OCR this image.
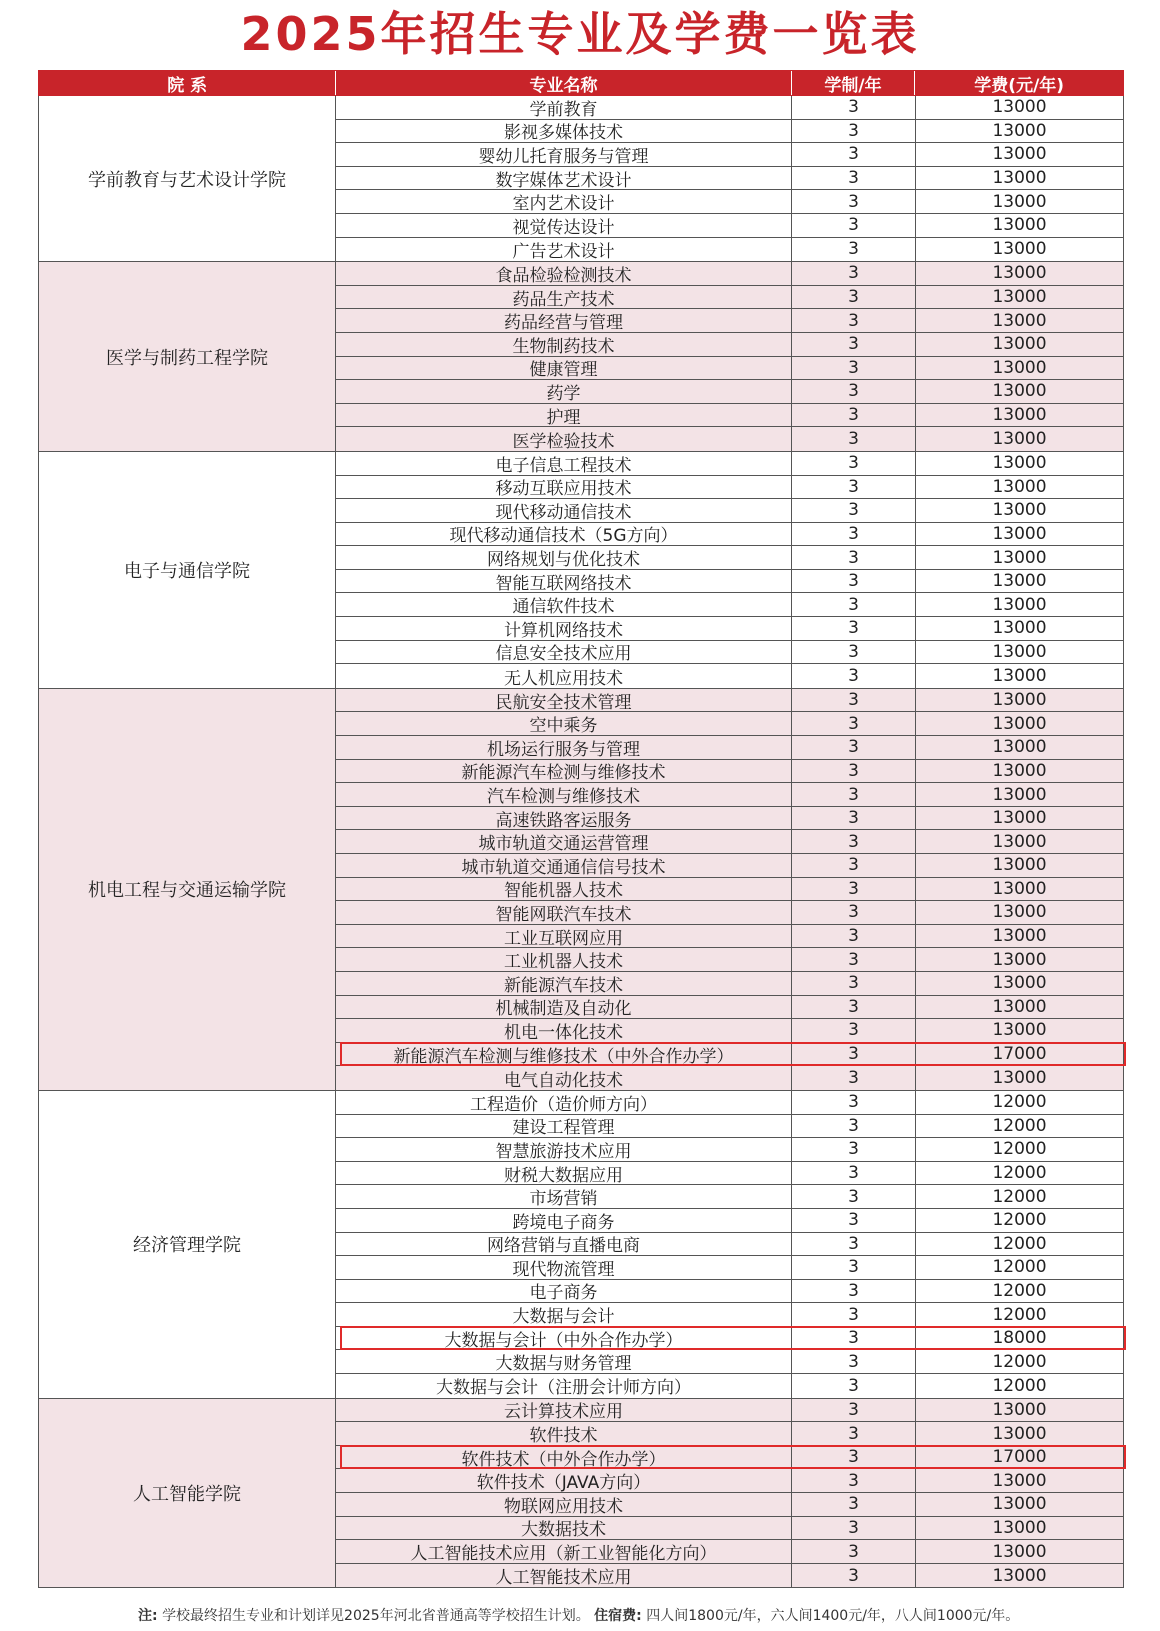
2025年招生专业及学费一览表
院 系	专业名称	学制/年	学费(元/年)
学前教育与艺术设计学院
学前教育	3	13000
影视多媒体技术	3	13000
婴幼儿托育服务与管理	3	13000
数字媒体艺术设计	3	13000
室内艺术设计	3	13000
视觉传达设计	3	13000
广告艺术设计	3	13000
医学与制药工程学院
食品检验检测技术	3	13000
药品生产技术	3	13000
药品经营与管理	3	13000
生物制药技术	3	13000
健康管理	3	13000
药学	3	13000
护理	3	13000
医学检验技术	3	13000
电子与通信学院
电子信息工程技术	3	13000
移动互联应用技术	3	13000
现代移动通信技术	3	13000
现代移动通信技术（5G方向）	3	13000
网络规划与优化技术	3	13000
智能互联网络技术	3	13000
通信软件技术	3	13000
计算机网络技术	3	13000
信息安全技术应用	3	13000
无人机应用技术	3	13000
机电工程与交通运输学院
民航安全技术管理	3	13000
空中乘务	3	13000
机场运行服务与管理	3	13000
新能源汽车检测与维修技术	3	13000
汽车检测与维修技术	3	13000
高速铁路客运服务	3	13000
城市轨道交通运营管理	3	13000
城市轨道交通通信信号技术	3	13000
智能机器人技术	3	13000
智能网联汽车技术	3	13000
工业互联网应用	3	13000
工业机器人技术	3	13000
新能源汽车技术	3	13000
机械制造及自动化	3	13000
机电一体化技术	3	13000
新能源汽车检测与维修技术（中外合作办学）	3	17000
电气自动化技术	3	13000
经济管理学院
工程造价（造价师方向）	3	12000
建设工程管理	3	12000
智慧旅游技术应用	3	12000
财税大数据应用	3	12000
市场营销	3	12000
跨境电子商务	3	12000
网络营销与直播电商	3	12000
现代物流管理	3	12000
电子商务	3	12000
大数据与会计	3	12000
大数据与会计（中外合作办学）	3	18000
大数据与财务管理	3	12000
大数据与会计（注册会计师方向）	3	12000
人工智能学院
云计算技术应用	3	13000
软件技术	3	13000
软件技术（中外合作办学）	3	17000
软件技术（JAVA方向）	3	13000
物联网应用技术	3	13000
大数据技术	3	13000
人工智能技术应用（新工业智能化方向）	3	13000
人工智能技术应用	3	13000
注: 学校最终招生专业和计划详见2025年河北省普通高等学校招生计划。 住宿费: 四人间1800元/年，六人间1400元/年，八人间1000元/年。
